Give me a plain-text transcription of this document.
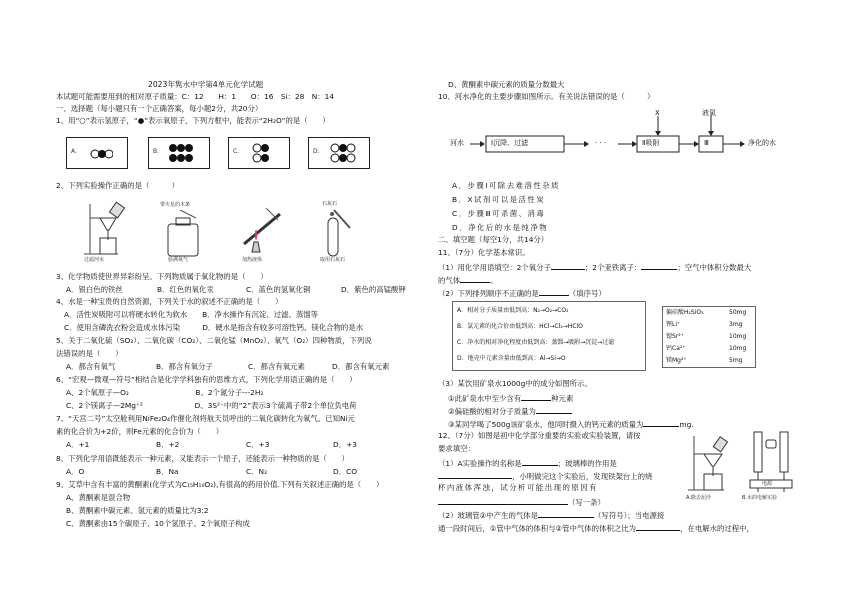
2023年隽水中学第4单元化学试题
本试题可能需要用到的相对原子质量：C：12　　H：1　　O：16　Si：28　N：14
一、选择题（每小题只有一个正确答案，每小题2分，共20分）
1、用“○”表示氢原子，“●”表示氧原子，下列方框中，能表示“2H₂O”的是（　　）
A.	B.	C.	D.
2、下列实验操作正确的是（　　　）
过滤河水
带火星的木条
验满氧气	加热液体
石灰石
取用石灰石
3、化学物质使世界异彩纷呈。下列物质属于氧化物的是（　　）
A．银白色的铁丝	B．红色的氧化汞	C．蓝色的氢氧化铜	D．紫色的高锰酸钾
4、水是一种宝贵的自然资源，下列关于水的叙述不正确的是（　　）
A．活性炭吸附可以将硬水转化为软水　　B．净水操作有沉淀、过滤、蒸馏等
C．使用含磷洗衣粉会造成水体污染　　　D．硬水是指含有较多可溶性钙、镁化合物的是水
5、关于二氧化硫（SO₂）、二氧化碳（CO₂）、二氧化锰（MnO₂）、氧气（O₂）四种物质，下列说
法错误的是（　　）
A．都含有氧气	B．都含有氧分子	C．都含有氧元素	D．都含有氧元素
6、“宏观—微观—符号”相结合是化学学科独有的思维方式，下列化学用语正确的是（　　）
A、2个氧原子—O₂　　　　　　　　　B、2个氮分子---2H₂
C、2个镁离子—2Mg⁺²　　　　　　　D、3S²⁻中的“2”表示3个硫离子带2个单位负电荷
7、“天宫二号”太空舱利用NiFe₂O₄作催化剂将航天员呼出的二氧化碳转化为氧气。已知Ni元
素的化合价为+2价，则Fe元素的化合价为（　　）
A．+1	B．+2	C．+3	D．+3
8、下列化学用语既能表示一种元素，又能表示一个原子，还能表示一种物质的是（　　）
A．O	B．Na	C．N₂	D．CO
9、艾草中含有丰富的黄酮素(化学式为C₁₅H₁₀O₂),有很高的药用价值.下列有关叙述正确的是（　　）
A、黄酮素是混合物
B、黄酮素中碳元素、氢元素的质量比为3:2
C、黄酮素由15个碳原子、10个氢原子、2个氧原子构成
D、黄酮素中碳元素的质量分数最大
10、河水净化的主要步骤如图所示。有关说法错误的是（　　　）
河水	Ⅰ沉降、过滤	· · ·	Ⅱ吸附	Ⅲ	净化的水
X	液氯
A．步骤Ⅰ可除去难溶性杂质
B．X试剂可以是活性炭
C．步骤Ⅲ可杀菌、消毒
D．净化后的水是纯净物
二、填空题（每空1分，共14分）
11、（7分）化学基本常识。
（1）用化学用语填空：2个氧分子	；2个亚铁离子：	；空气中体积分数最大
的气体	。
（2）下列排列顺序不正确的是	（填序号）
A．相对分子质量由低到高：N₂→O₂→CO₂
B．氯元素的化合价由低到高：HCl→Cl₂→HClO
C．净水的相对净化程度由低到高：蒸馏→吸附→沉淀→过滤
D．地壳中元素含量由低到高：Al→Si→O
偏硅酸H₂SiO₃	50mg
锂Li⁺	3mg
锶Sr²⁺	10mg
钙Ca²⁺	10mg
镁Mg²⁺	5mg
（3）某饮用矿泉水1000g中的成分如图所示。
①此矿泉水中至少含有	种元素
②偏硅酸的相对分子质量为
③某同学喝了500g该矿泉水，他同时摄入的钙元素的质量为	mg.
12、（7分）如图是初中化学部分重要的实验或实验装置，请按
要求填空：
（1）A实验操作的名称是	；玻璃棒的作用是
，小明做完这个实验后，发现铁架台上的烧
杯内液体浑浊，试分析可能出现的原因有
（写一条）	A.除去泥沙
电源
B.水的电解实验
（2）玻璃管②中产生的气体是	（写符号）；当电源接
通一段时间后，①管中气体的体积与②管中气体的体积之比为	，在电解水的过程中，
